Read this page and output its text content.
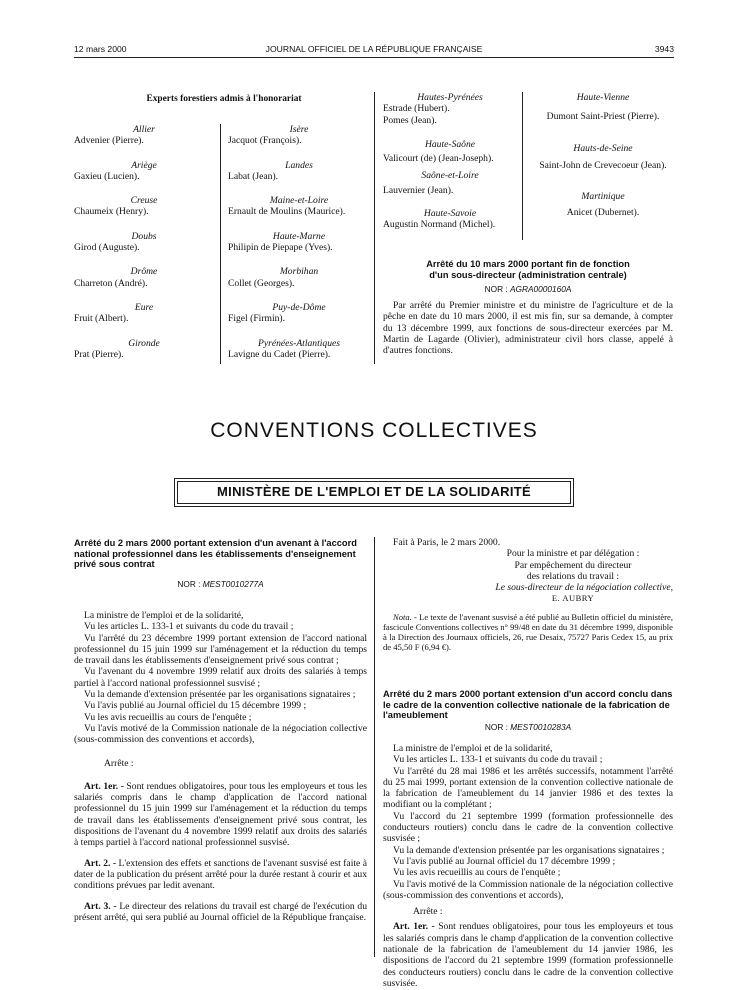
12 mars 2000	JOURNAL OFFICIEL DE LA RÉPUBLIQUE FRANÇAISE	3943
Experts forestiers admis à l'honorariat
Allier
Advenier (Pierre).
Ariège
Gaxieu (Lucien).
Creuse
Chaumeix (Henry).
Doubs
Girod (Auguste).
Drôme
Charreton (André).
Eure
Fruit (Albert).
Gironde
Prat (Pierre).
Isère
Jacquot (François).
Landes
Labat (Jean).
Maine-et-Loire
Ernault de Moulins (Maurice).
Haute-Marne
Philipin de Piepape (Yves).
Morbihan
Collet (Georges).
Puy-de-Dôme
Figel (Firmin).
Pyrénées-Atlantiques
Lavigne du Cadet (Pierre).
Hautes-Pyrénées
Estrade (Hubert).
Pomes (Jean).
Haute-Saône
Valicourt (de) (Jean-Joseph).
Saône-et-Loire
Lauvernier (Jean).
Haute-Savoie
Augustin Normand (Michel).
Haute-Vienne
Dumont Saint-Priest (Pierre).
Hauts-de-Seine
Saint-John de Crevecoeur (Jean).
Martinique
Anicet (Dubernet).
Arrêté du 10 mars 2000 portant fin de fonction
d'un sous-directeur (administration centrale)
NOR : AGRA0000160A

Par arrêté du Premier ministre et du ministre de l'agriculture et de la pêche en date du 10 mars 2000, il est mis fin, sur sa demande, à compter du 13 décembre 1999, aux fonctions de sous-directeur exercées par M. Martin de Lagarde (Olivier), administrateur civil hors classe, appelé à d'autres fonctions.

CONVENTIONS COLLECTIVES
MINISTÈRE DE L'EMPLOI ET DE LA SOLIDARITÉ
Arrêté du 2 mars 2000 portant extension d'un avenant à l'accord national professionnel dans les établissements d'enseignement privé sous contrat
NOR : MEST0010277A

La ministre de l'emploi et de la solidarité,

Vu les articles L. 133-1 et suivants du code du travail ;

Vu l'arrêté du 23 décembre 1999 portant extension de l'accord national professionnel du 15 juin 1999 sur l'aménagement et la réduction du temps de travail dans les établissements d'enseignement privé sous contrat ;

Vu l'avenant du 4 novembre 1999 relatif aux droits des salariés à temps partiel à l'accord national professionnel susvisé ;

Vu la demande d'extension présentée par les organisations signataires ;

Vu l'avis publié au Journal officiel du 15 décembre 1999 ;

Vu les avis recueillis au cours de l'enquête ;

Vu l'avis motivé de la Commission nationale de la négociation collective (sous-commission des conventions et accords),

Arrête :

Art. 1er. - Sont rendues obligatoires, pour tous les employeurs et tous les salariés compris dans le champ d'application de l'accord national professionnel du 15 juin 1999 sur l'aménagement et la réduction du temps de travail dans les établissements d'enseignement privé sous contrat, les dispositions de l'avenant du 4 novembre 1999 relatif aux droits des salariés à temps partiel à l'accord national professionnel susvisé.

Art. 2. - L'extension des effets et sanctions de l'avenant susvisé est faite à dater de la publication du présent arrêté pour la durée restant à courir et aux conditions prévues par ledit avenant.

Art. 3. - Le directeur des relations du travail est chargé de l'exécution du présent arrêté, qui sera publié au Journal officiel de la République française.

Fait à Paris, le 2 mars 2000.
Pour la ministre et par délégation :
Par empêchement du directeur
des relations du travail :
Le sous-directeur de la négociation collective,
E. AUBRY

Nota. - Le texte de l'avenant susvisé a été publié au Bulletin officiel du ministère, fascicule Conventions collectives n° 99/48 en date du 31 décembre 1999, disponible à la Direction des Journaux officiels, 26, rue Desaix, 75727 Paris Cedex 15, au prix de 45,50 F (6,94 €).

Arrêté du 2 mars 2000 portant extension d'un accord conclu dans le cadre de la convention collective nationale de la fabrication de l'ameublement
NOR : MEST0010283A

La ministre de l'emploi et de la solidarité,

Vu les articles L. 133-1 et suivants du code du travail ;

Vu l'arrêté du 28 mai 1986 et les arrêtés successifs, notamment l'arrêté du 25 mai 1999, portant extension de la convention collective nationale de la fabrication de l'ameublement du 14 janvier 1986 et des textes la modifiant ou la complétant ;

Vu l'accord du 21 septembre 1999 (formation professionnelle des conducteurs routiers) conclu dans le cadre de la convention collective susvisée ;

Vu la demande d'extension présentée par les organisations signataires ;

Vu l'avis publié au Journal officiel du 17 décembre 1999 ;

Vu les avis recueillis au cours de l'enquête ;

Vu l'avis motivé de la Commission nationale de la négociation collective (sous-commission des conventions et accords),

Arrête :

Art. 1er. - Sont rendues obligatoires, pour tous les employeurs et tous les salariés compris dans le champ d'application de la convention collective nationale de la fabrication de l'ameublement du 14 janvier 1986, les dispositions de l'accord du 21 septembre 1999 (formation professionnelle des conducteurs routiers) conclu dans le cadre de la convention collective susvisée.
